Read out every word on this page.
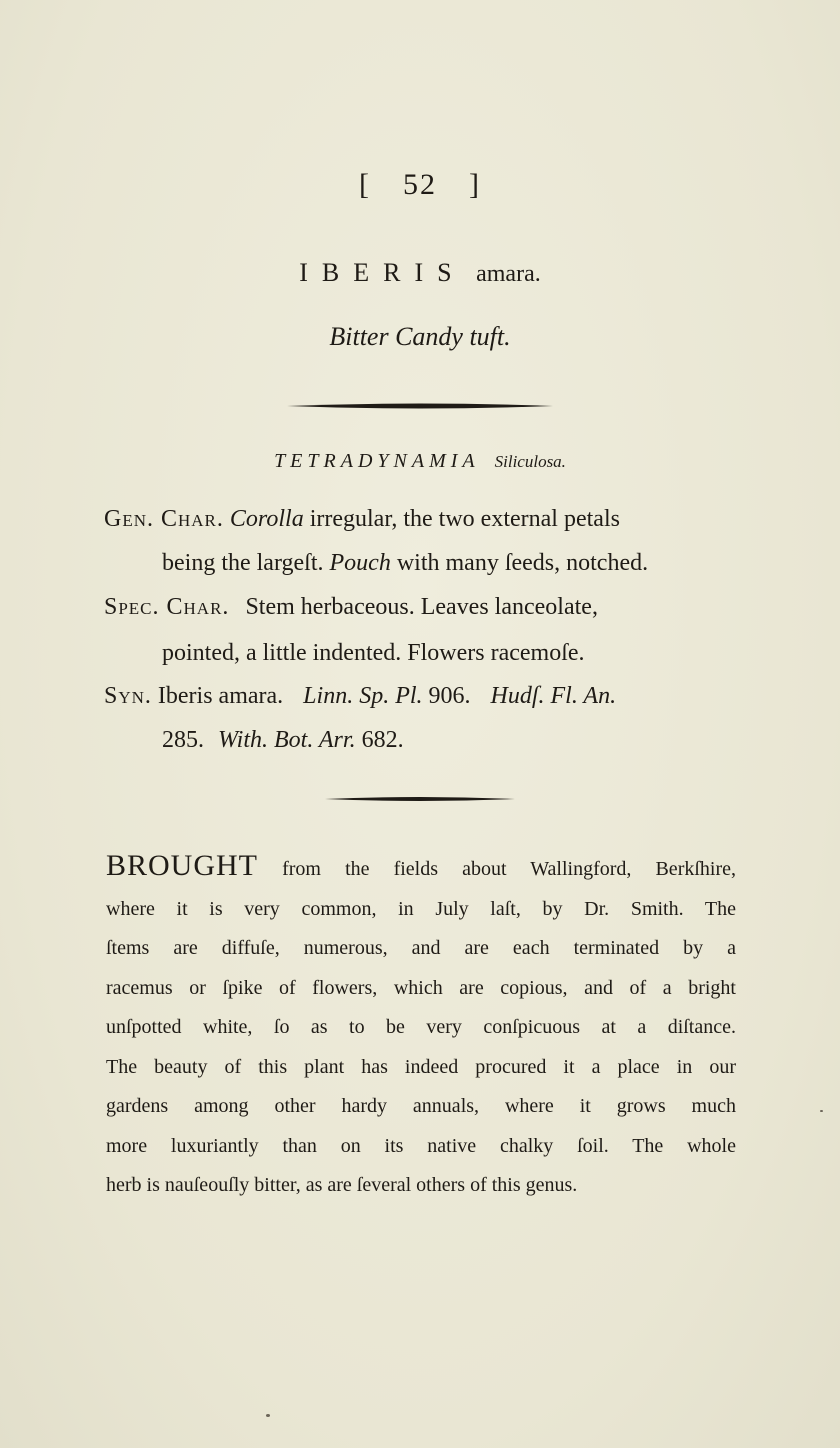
[ 52 ]
IBERIS amara.
Bitter Candy tuft.
TETRADYNAMIA Siliculosa.
Gen. Char. Corolla irregular, the two external petals
being the largeſt. Pouch with many ſeeds, notched.
Spec. Char. Stem herbaceous. Leaves lanceolate,
pointed, a little indented. Flowers racemoſe.
Syn. Iberis amara. Linn. Sp. Pl. 906. Hudſ. Fl. An.
285. With. Bot. Arr. 682.
BROUGHT from the fields about Wallingford, Berkſhire,
where it is very common, in July laſt, by Dr. Smith. The
ſtems are diffuſe, numerous, and are each terminated by a
racemus or ſpike of flowers, which are copious, and of a bright
unſpotted white, ſo as to be very conſpicuous at a diſtance.
The beauty of this plant has indeed procured it a place in our
gardens among other hardy annuals, where it grows much
more luxuriantly than on its native chalky ſoil. The whole
herb is nauſeouſly bitter, as are ſeveral others of this genus.
